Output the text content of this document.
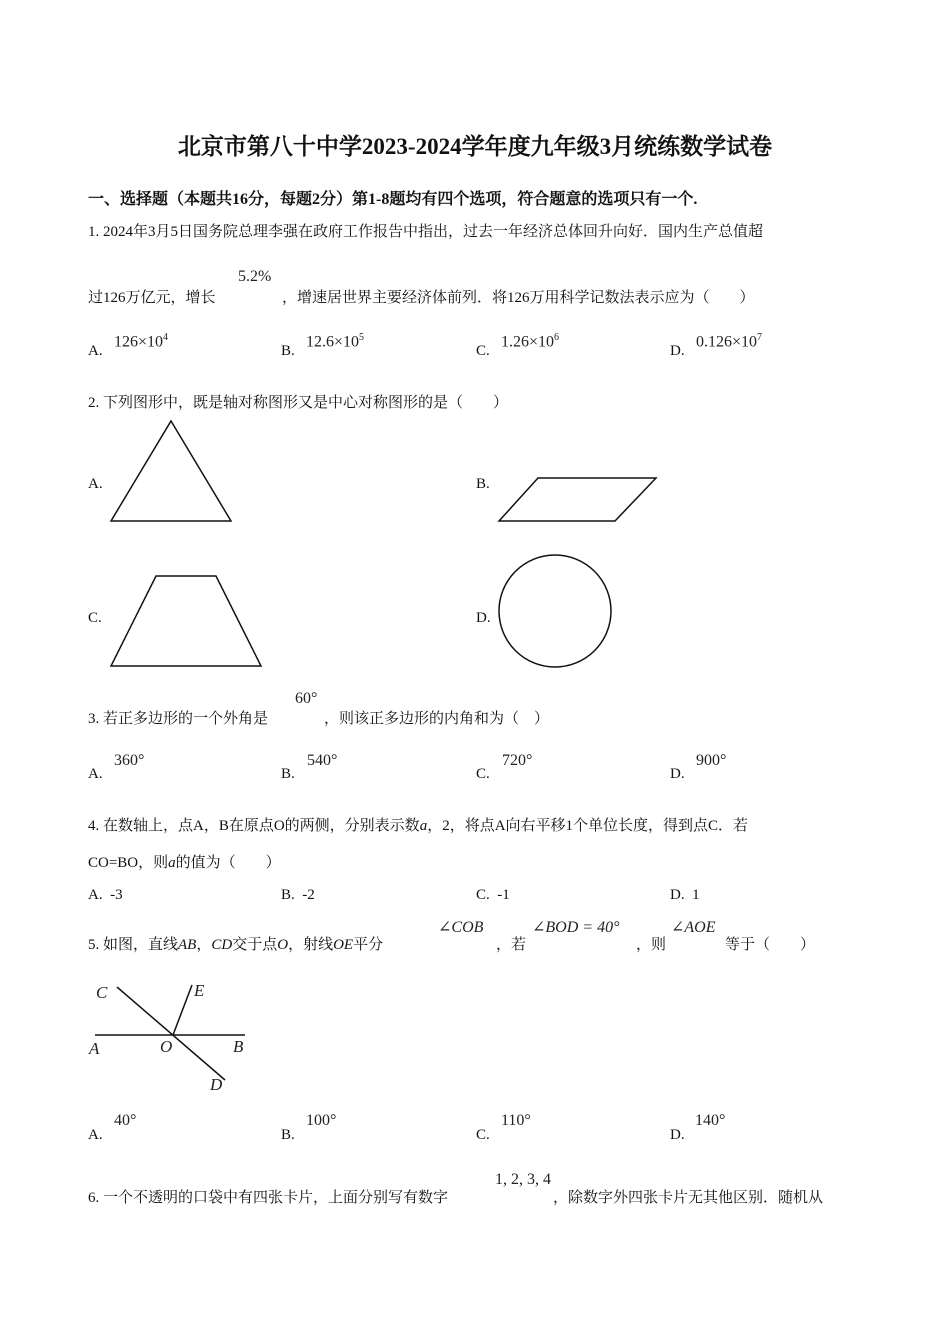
北京市第八十中学2023-2024学年度九年级3月统练数学试卷
一、选择题（本题共16分，每题2分）第1-8题均有四个选项，符合题意的选项只有一个.
1. 2024年3月5日国务院总理李强在政府工作报告中指出，过去一年经济总体回升向好．国内生产总值超
过126万亿元，增长
5.2%
，增速居世界主要经济体前列．将126万用科学记数法表示应为（　　）
A.
$126\times 10^4$
B.
$12.6\times 10^5$
C.
$1.26\times 10^6$
D.
$0.126\times 10^7$
2. 下列图形中，既是轴对称图形又是中心对称图形的是（　　）
A.	B.
C.	D.
3. 若正多边形的一个外角是
60°
，则该正多边形的内角和为（　）
A.
360°
B.
540°
C.
720°
D.
900°
4. 在数轴上，点A，B在原点O的两侧，分别表示数a，2，将点A向右平移1个单位长度，得到点C．若
CO=BO，则a的值为（　　）
A. -3	B. -2	C. -1	D. 1
5. 如图，直线AB，CD交于点O，射线OE平分
∠COB
，若
∠BOD = 40°
，则
∠AOE
等于（　　）
C	E
A	O	B
D
A.
40°
B.
100°
C.
110°
D.
140°
6. 一个不透明的口袋中有四张卡片，上面分别写有数字
1, 2, 3, 4
，除数字外四张卡片无其他区别．随机从
